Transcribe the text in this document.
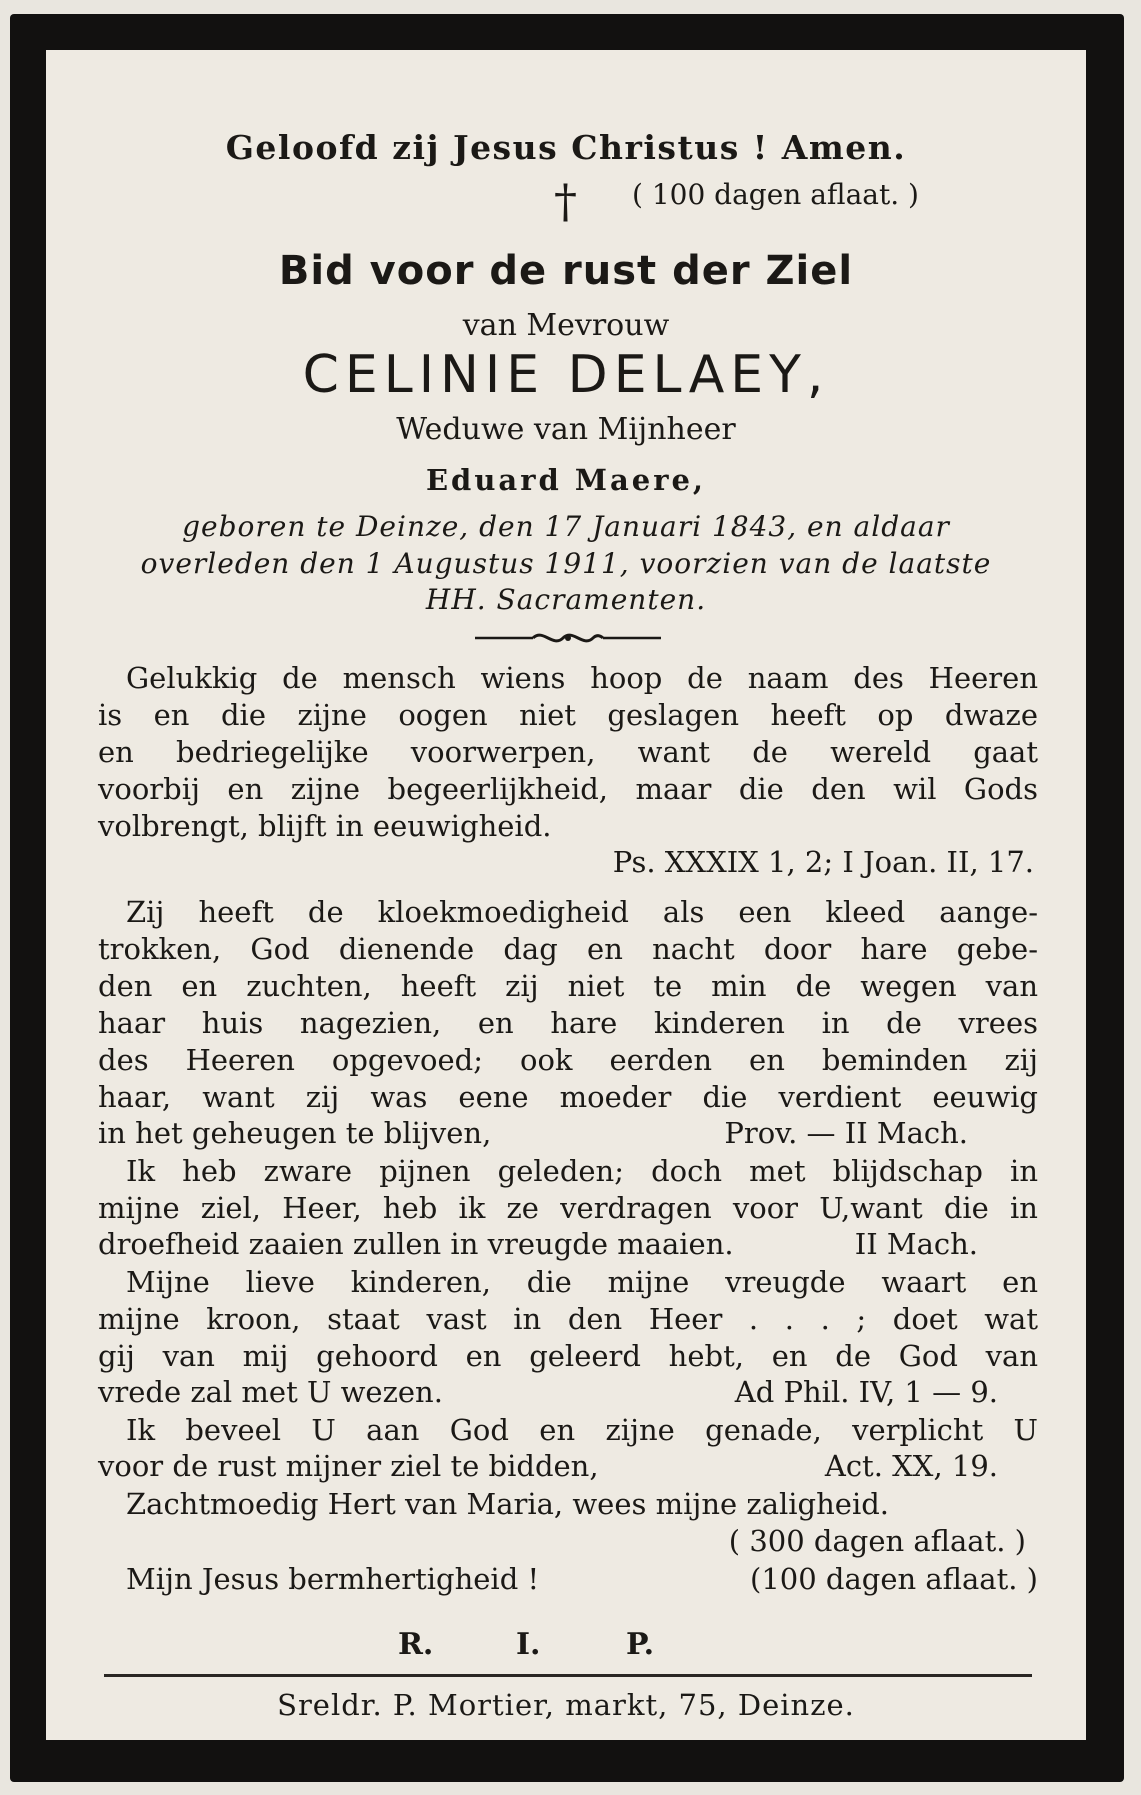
Geloofd zij Jesus Christus ! Amen.
† ( 100 dagen aflaat. )
Bid voor de rust der Ziel
van Mevrouw
CELINIE DELAEY,
Weduwe van Mijnheer
Eduard Maere,
geboren te Deinze, den 17 Januari 1843, en aldaar
overleden den 1 Augustus 1911, voorzien van de laatste
HH. Sacramenten.

Gelukkig de mensch wiens hoop de naam des Heeren

is en die zijne oogen niet geslagen heeft op dwaze

en bedriegelijke voorwerpen, want de wereld gaat

voorbij en zijne begeerlijkheid, maar die den wil Gods

volbrengt, blijft in eeuwigheid.

Ps. XXXIX 1, 2; I Joan. II, 17.

Zij heeft de kloekmoedigheid als een kleed aange-

trokken, God dienende dag en nacht door hare gebe-

den en zuchten, heeft zij niet te min de wegen van

haar huis nagezien, en hare kinderen in de vrees

des Heeren opgevoed; ook eerden en beminden zij

haar, want zij was eene moeder die verdient eeuwig

in het geheugen te blijven,	Prov. — II Mach.

Ik heb zware pijnen geleden; doch met blijdschap in

mijne ziel, Heer, heb ik ze verdragen voor U,want die in

droefheid zaaien zullen in vreugde maaien.	II Mach.

Mijne lieve kinderen, die mijne vreugde waart en

mijne kroon, staat vast in den Heer . . . ; doet wat

gij van mij gehoord en geleerd hebt, en de God van

vrede zal met U wezen.	Ad Phil. IV, 1 — 9.

Ik beveel U aan God en zijne genade, verplicht U

voor de rust mijner ziel te bidden,	Act. XX, 19.
Zachtmoedig Hert van Maria, wees mijne zaligheid.
( 300 dagen aflaat. )
Mijn Jesus bermhertigheid !	(100 dagen aflaat. )
R.	I.	P.
Sreldr. P. Mortier, markt, 75, Deinze.
